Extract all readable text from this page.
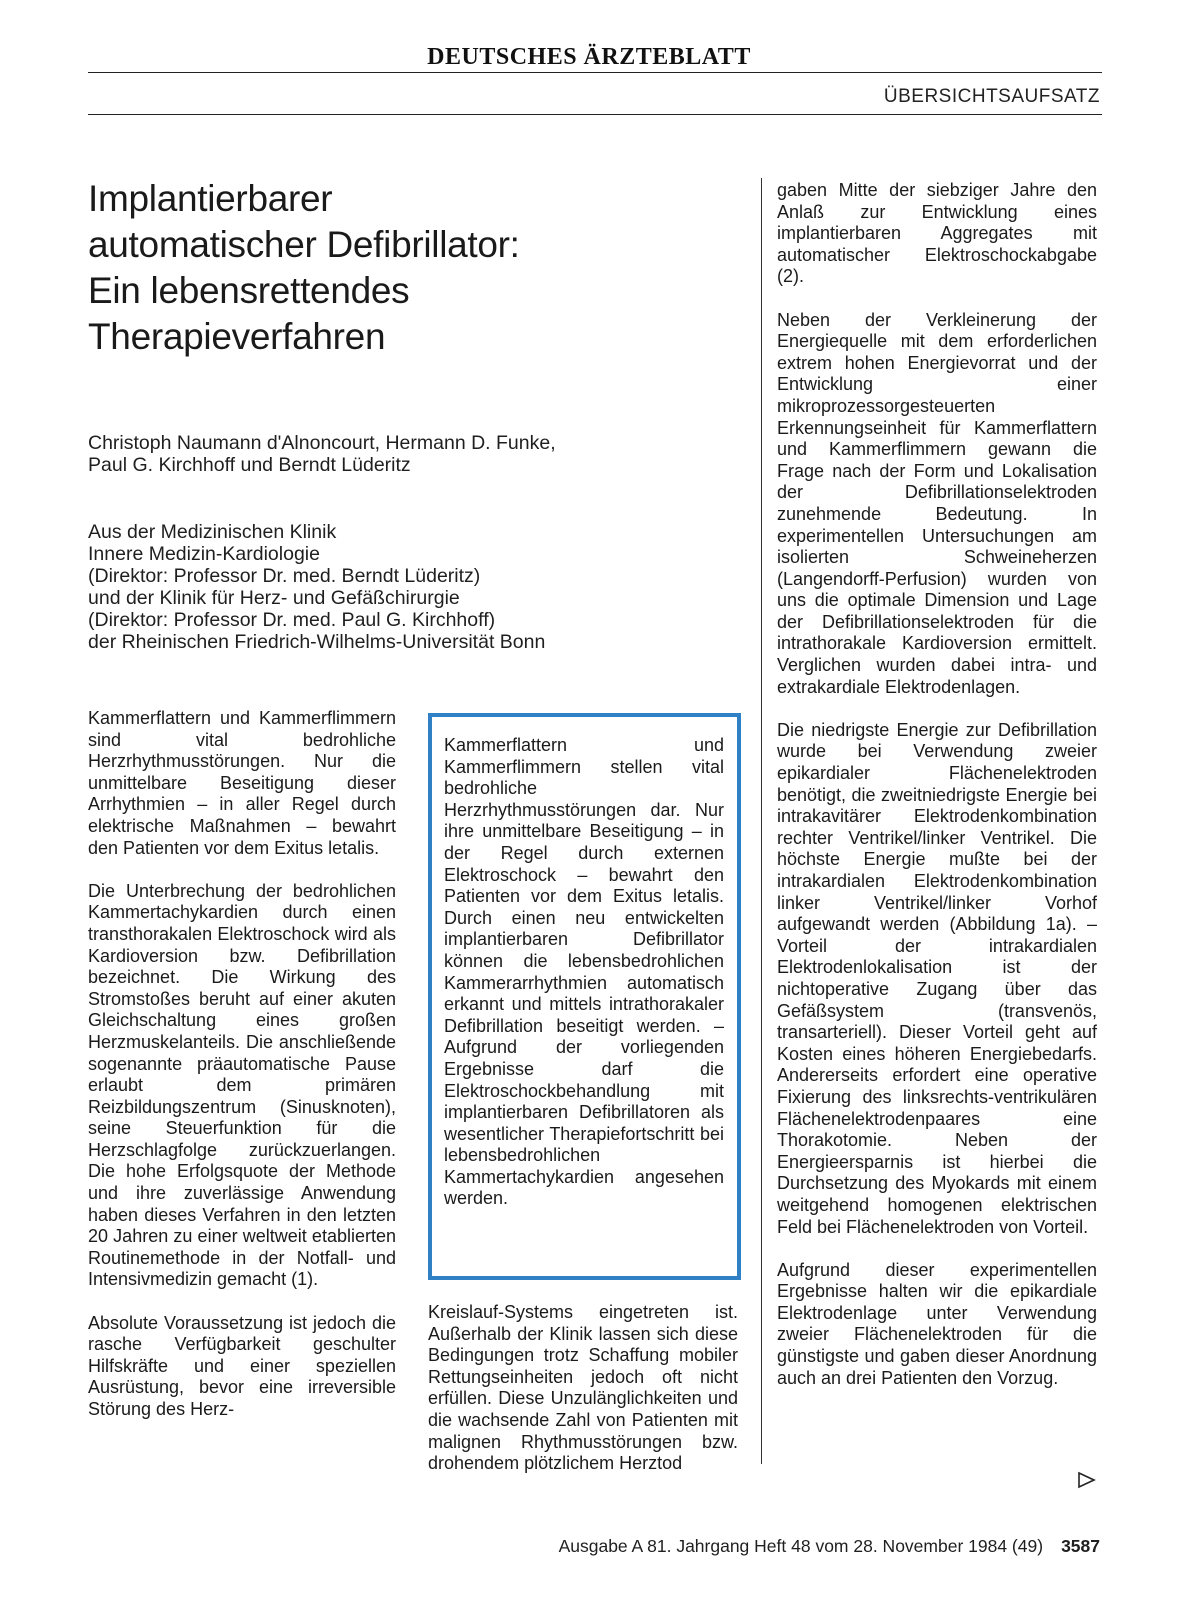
DEUTSCHES ÄRZTEBLATT
ÜBERSICHTSAUFSATZ
Implantierbarer
automatischer Defibrillator:
Ein lebensrettendes
Therapieverfahren
Christoph Naumann d'Alnoncourt, Hermann D. Funke,
Paul G. Kirchhoff und Berndt Lüderitz
Aus der Medizinischen Klinik
Innere Medizin-Kardiologie
(Direktor: Professor Dr. med. Berndt Lüderitz)
und der Klinik für Herz- und Gefäßchirurgie
(Direktor: Professor Dr. med. Paul G. Kirchhoff)
der Rheinischen Friedrich-Wilhelms-Universität Bonn

Kammerflattern und Kammerflimmern sind vital bedrohliche Herzrhythmusstörungen. Nur die unmittelbare Beseitigung dieser Arrhythmien – in aller Regel durch elektrische Maßnahmen – bewahrt den Patienten vor dem Exitus letalis.

Die Unterbrechung der bedrohlichen Kammertachykardien durch einen transthorakalen Elektroschock wird als Kardioversion bzw. Defibrillation bezeichnet. Die Wirkung des Stromstoßes beruht auf einer akuten Gleichschaltung eines großen Herzmuskelanteils. Die anschließende sogenannte präautomatische Pause erlaubt dem primären Reizbildungszentrum (Sinusknoten), seine Steuerfunktion für die Herzschlagfolge zurückzuerlangen. Die hohe Erfolgsquote der Methode und ihre zuverlässige Anwendung haben dieses Verfahren in den letzten 20 Jahren zu einer weltweit etablierten Routinemethode in der Notfall- und Intensivmedizin gemacht (1).

Absolute Voraussetzung ist jedoch die rasche Verfügbarkeit geschulter Hilfskräfte und einer speziellen Ausrüstung, bevor eine irreversible Störung des Herz-

Kammerflattern und Kammerflimmern stellen vital bedrohliche Herzrhythmusstörungen dar. Nur ihre unmittelbare Beseitigung – in der Regel durch externen Elektroschock – bewahrt den Patienten vor dem Exitus letalis. Durch einen neu entwickelten implantierbaren Defibrillator können die lebensbedrohlichen Kammerarrhythmien automatisch erkannt und mittels intrathorakaler Defibrillation beseitigt werden. – Aufgrund der vorliegenden Ergebnisse darf die Elektroschockbehandlung mit implantierbaren Defibrillatoren als wesentlicher Therapiefortschritt bei lebensbedrohlichen Kammertachykardien angesehen werden.

Kreislauf-Systems eingetreten ist. Außerhalb der Klinik lassen sich diese Bedingungen trotz Schaffung mobiler Rettungseinheiten jedoch oft nicht erfüllen. Diese Unzulänglichkeiten und die wachsende Zahl von Patienten mit malignen Rhythmusstörungen bzw. drohendem plötzlichem Herztod

gaben Mitte der siebziger Jahre den Anlaß zur Entwicklung eines implantierbaren Aggregates mit automatischer Elektroschockabgabe (2).

Neben der Verkleinerung der Energiequelle mit dem erforderlichen extrem hohen Energievorrat und der Entwicklung einer mikroprozessorgesteuerten Erkennungseinheit für Kammerflattern und Kammerflimmern gewann die Frage nach der Form und Lokalisation der Defibrillationselektroden zunehmende Bedeutung. In experimentellen Untersuchungen am isolierten Schweineherzen (Langendorff-Perfusion) wurden von uns die optimale Dimension und Lage der Defibrillationselektroden für die intrathorakale Kardioversion ermittelt. Verglichen wurden dabei intra- und extrakardiale Elektrodenlagen.

Die niedrigste Energie zur Defibrillation wurde bei Verwendung zweier epikardialer Flächenelektroden benötigt, die zweitniedrigste Energie bei intrakavitärer Elektrodenkombination rechter Ventrikel/linker Ventrikel. Die höchste Energie mußte bei der intrakardialen Elektrodenkombination linker Ventrikel/linker Vorhof aufgewandt werden (Abbildung 1a). – Vorteil der intrakardialen Elektrodenlokalisation ist der nichtoperative Zugang über das Gefäßsystem (transvenös, transarteriell). Dieser Vorteil geht auf Kosten eines höheren Energiebedarfs. Andererseits erfordert eine operative Fixierung des linksrechts-ventrikulären Flächenelektrodenpaares eine Thorakotomie. Neben der Energieersparnis ist hierbei die Durchsetzung des Myokards mit einem weitgehend homogenen elektrischen Feld bei Flächenelektroden von Vorteil.

Aufgrund dieser experimentellen Ergebnisse halten wir die epikardiale Elektrodenlage unter Verwendung zweier Flächenelektroden für die günstigste und gaben dieser Anordnung auch an drei Patienten den Vorzug.

Ausgabe A 81. Jahrgang Heft 48 vom 28. November 1984 (49) 3587
